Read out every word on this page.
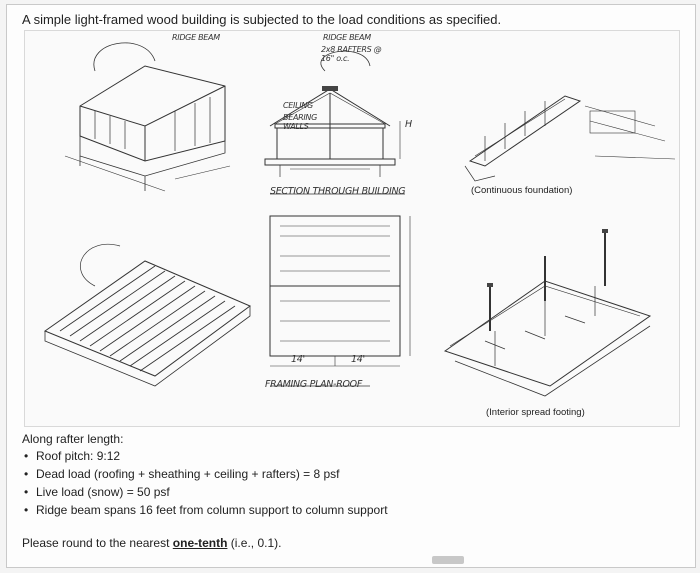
A simple light-framed wood building is subjected to the load conditions as specified.
RIDGE BEAM	RIDGE BEAM
2x8 RAFTERS @ 16" o.c.
CEILING
BEARING WALLS	H
SECTION THROUGH BUILDING
FRAMING PLAN-ROOF
14'	14'
(Continuous foundation)
(Interior spread footing)

Along rafter length:

• Roof pitch: 9:12
• Dead load (roofing + sheathing + ceiling + rafters) = 8 psf
• Live load (snow) = 50 psf
• Ridge beam spans 16 feet from column support to column support
Please round to the nearest one-tenth (i.e., 0.1).
